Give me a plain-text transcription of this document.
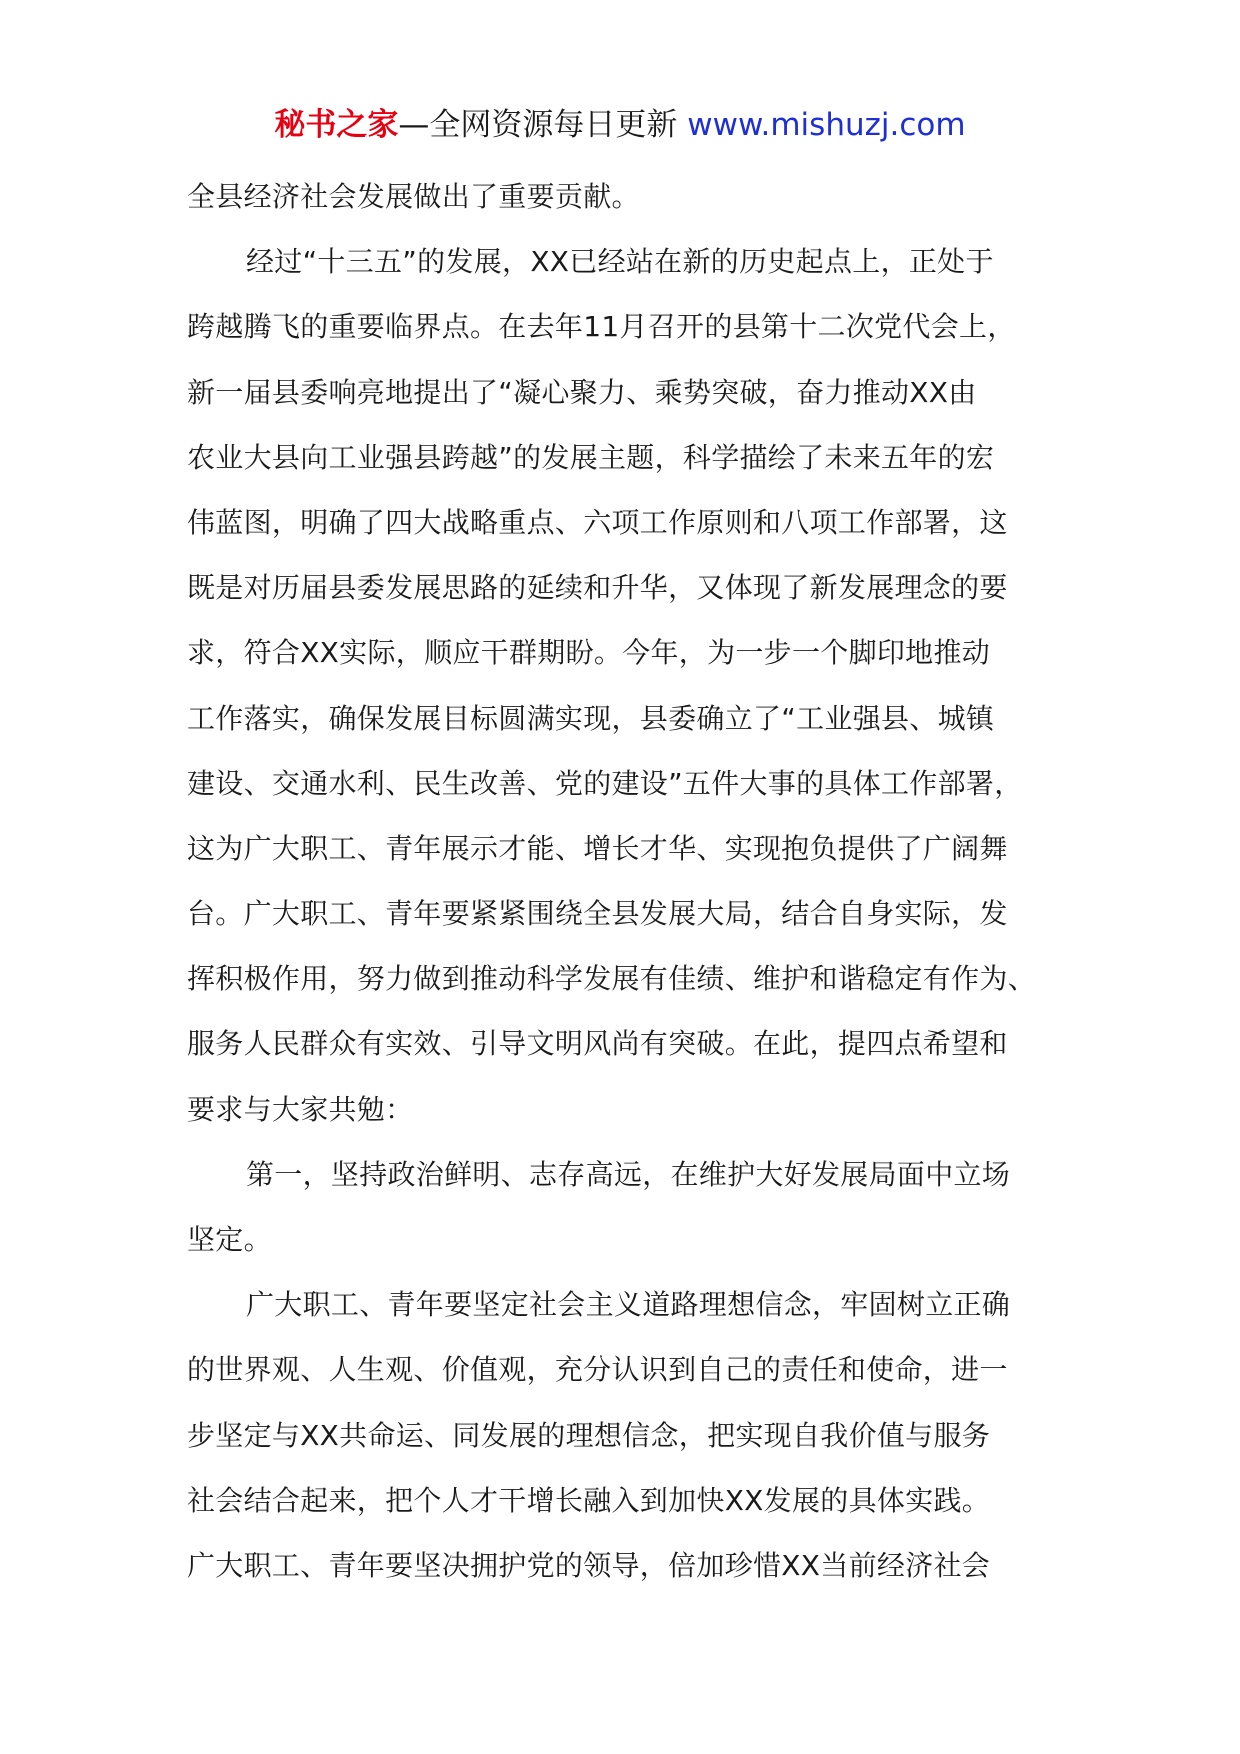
秘书之家—全网资源每日更新 www.mishuzj.com
全县经济社会发展做出了重要贡献。
经过“十三五”的发展，XX已经站在新的历史起点上，正处于
跨越腾飞的重要临界点。在去年11月召开的县第十二次党代会上，
新一届县委响亮地提出了“凝心聚力、乘势突破，奋力推动XX由
农业大县向工业强县跨越”的发展主题，科学描绘了未来五年的宏
伟蓝图，明确了四大战略重点、六项工作原则和八项工作部署，这
既是对历届县委发展思路的延续和升华，又体现了新发展理念的要
求，符合XX实际，顺应干群期盼。今年，为一步一个脚印地推动
工作落实，确保发展目标圆满实现，县委确立了“工业强县、城镇
建设、交通水利、民生改善、党的建设”五件大事的具体工作部署，
这为广大职工、青年展示才能、增长才华、实现抱负提供了广阔舞
台。广大职工、青年要紧紧围绕全县发展大局，结合自身实际，发
挥积极作用，努力做到推动科学发展有佳绩、维护和谐稳定有作为、
服务人民群众有实效、引导文明风尚有突破。在此，提四点希望和
要求与大家共勉：
第一，坚持政治鲜明、志存高远，在维护大好发展局面中立场
坚定。
广大职工、青年要坚定社会主义道路理想信念，牢固树立正确
的世界观、人生观、价值观，充分认识到自己的责任和使命，进一
步坚定与XX共命运、同发展的理想信念，把实现自我价值与服务
社会结合起来，把个人才干增长融入到加快XX发展的具体实践。
广大职工、青年要坚决拥护党的领导，倍加珍惜XX当前经济社会
